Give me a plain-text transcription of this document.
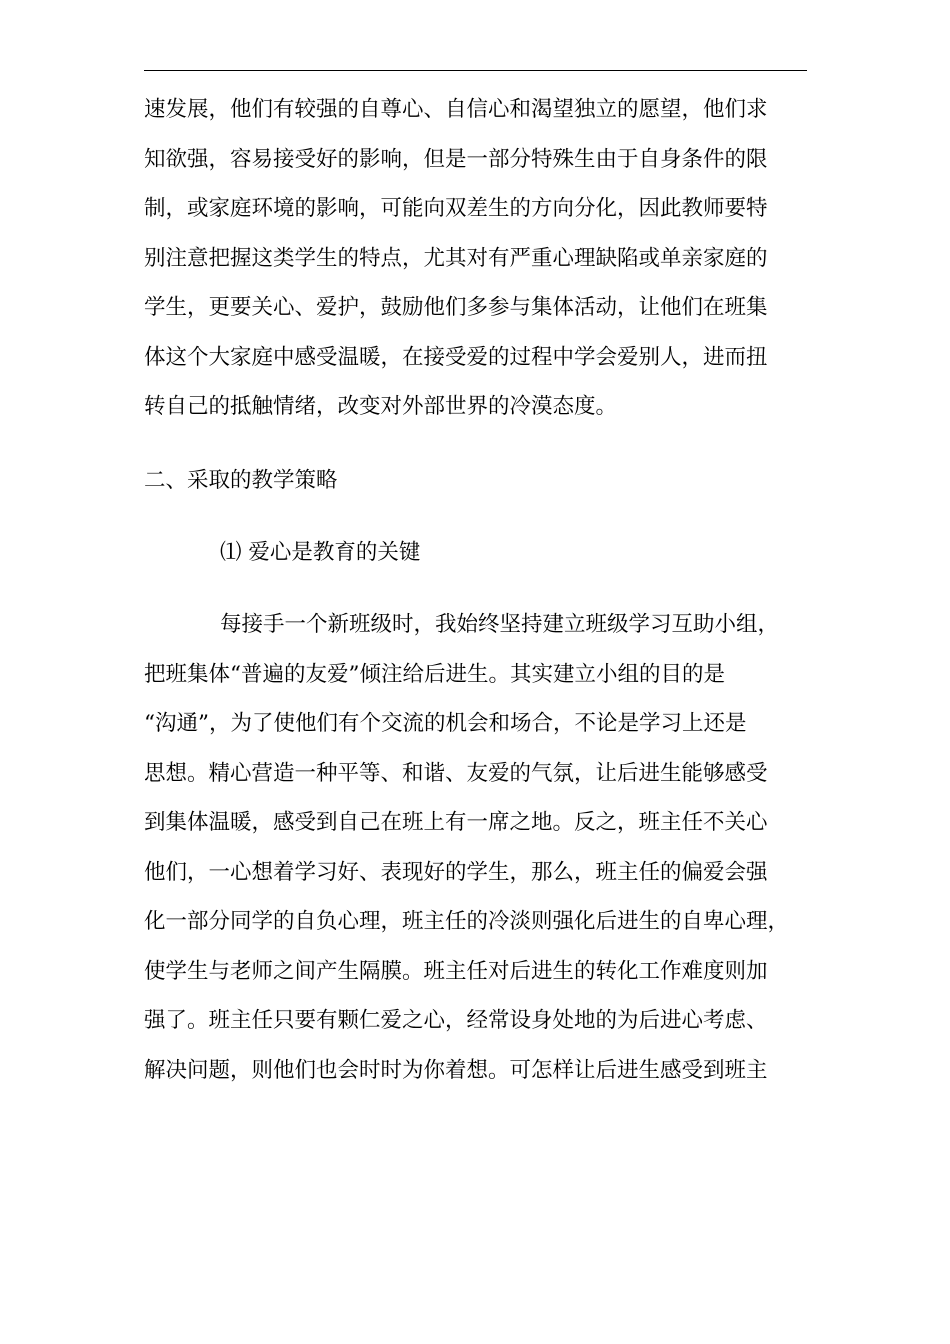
速发展，他们有较强的自尊心、自信心和渴望独立的愿望，他们求
知欲强，容易接受好的影响，但是一部分特殊生由于自身条件的限
制，或家庭环境的影响，可能向双差生的方向分化，因此教师要特
别注意把握这类学生的特点，尤其对有严重心理缺陷或单亲家庭的
学生，更要关心、爱护，鼓励他们多参与集体活动，让他们在班集
体这个大家庭中感受温暖，在接受爱的过程中学会爱别人，进而扭
转自己的抵触情绪，改变对外部世界的冷漠态度。
二、采取的教学策略
⑴ 爱心是教育的关键
每接手一个新班级时，我始终坚持建立班级学习互助小组，
把班集体“普遍的友爱”倾注给后进生。其实建立小组的目的是
“沟通”，为了使他们有个交流的机会和场合，不论是学习上还是
思想。精心营造一种平等、和谐、友爱的气氛，让后进生能够感受
到集体温暖，感受到自己在班上有一席之地。反之，班主任不关心
他们，一心想着学习好、表现好的学生，那么，班主任的偏爱会强
化一部分同学的自负心理，班主任的冷淡则强化后进生的自卑心理，
使学生与老师之间产生隔膜。班主任对后进生的转化工作难度则加
强了。班主任只要有颗仁爱之心，经常设身处地的为后进心考虑、
解决问题，则他们也会时时为你着想。可怎样让后进生感受到班主
